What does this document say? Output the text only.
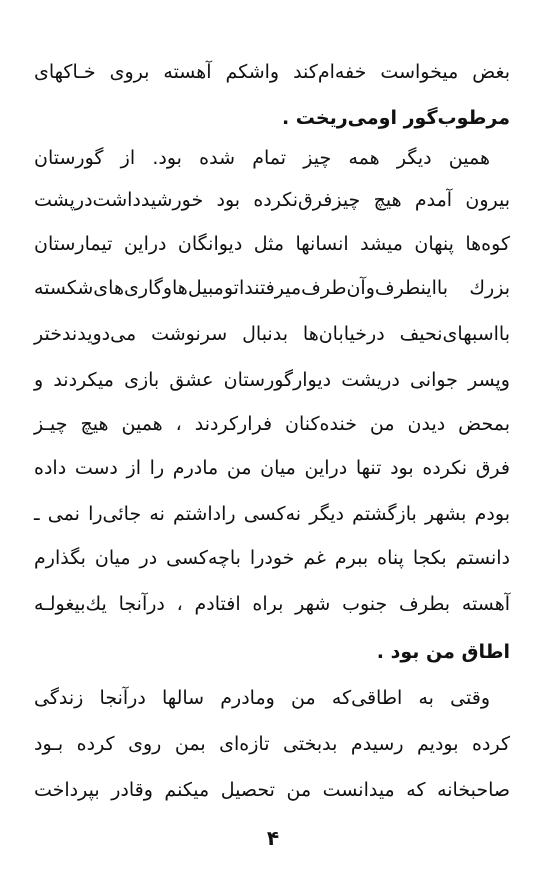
بغض میخواست خفه‌ام‌کند واشکم آهسته بروی خـاکهای
مرطوب‌گور اومی‌ریخت .
همین دیگر همه چیز تمام شده بود. از گورستان
بیرون آمدم هیچ چیزفرق‌نکرده بود خورشیدداشت‌درپشت
کوه‌ها پنهان میشد انسانها مثل دیوانگان دراین تیمارستان
بزرك بااینطرف‌وآن‌طرف‌میرفتندا‌تومبیل‌هاوگاری‌های‌شکسته
بااسبهای‌نحیف درخیابان‌ها بدنبال سرنوشت می‌دویدندختر
وپسر جوانی دریشت دیوارگورستان عشق بازی میکردند و
بمحض دیدن من خنده‌کنان فرارکردند ، همین هیچ چیـز
فرق نکرده بود تنها دراین میان من مادرم را از دست داده
بودم بشهر بازگشتم دیگر نه‌کسی راداشتم نه جائی‌را نمی ـ
دانستم بکجا پناه ببرم غم خودرا باچه‌کسی در میان بگذارم
آهسته بطرف جنوب شهر براه افتادم ، درآنجا یك‌بیغولـه
اطاق من بود .
وقتی به اطاقی‌که من ومادرم سالها درآنجا زندگی
کرده بودیم رسیدم بدبختی تازه‌ای بمن روی کرده بـود
صاحبخانه که میدانست من تحصیل میکنم وقادر بپرداخت
۴
